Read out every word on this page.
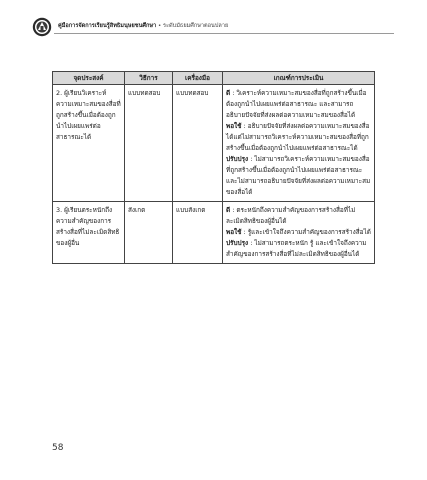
คู่มือการจัดการเรียนรู้สิทธิมนุษยชนศึกษา • ระดับมัธยมศึกษาตอนปลาย
จุดประสงค์	วิธีการ	เครื่องมือ	เกณฑ์การประเมิน
2. ผู้เรียนวิเคราะห์ความเหมาะสมของสื่อที่ถูกสร้างขึ้นเมื่อต้องถูกนำไปเผยแพร่ต่อสาธารณะได้	แบบทดสอบ	แบบทดสอบ	ดี : วิเคราะห์ความเหมาะสมของสื่อที่ถูกสร้างขึ้นเมื่อต้องถูกนำไปเผยแพร่ต่อสาธารณะ และสามารถอธิบายปัจจัยที่ส่งผลต่อความเหมาะสมของสื่อได้
พอใช้ : อธิบายปัจจัยที่ส่งผลต่อความเหมาะสมของสื่อได้แต่ไม่สามารถวิเคราะห์ความเหมาะสมของสื่อที่ถูกสร้างขึ้นเมื่อต้องถูกนำไปเผยแพร่ต่อสาธารณะได้
ปรับปรุง : ไม่สามารถวิเคราะห์ความเหมาะสมของสื่อที่ถูกสร้างขึ้นเมื่อต้องถูกนำไปเผยแพร่ต่อสาธารณะและไม่สามารถอธิบายปัจจัยที่ส่งผลต่อความเหมาะสมของสื่อได้

3. ผู้เรียนตระหนักถึงความสำคัญของการสร้างสื่อที่ไม่ละเมิดสิทธิของผู้อื่น	สังเกต	แบบสังเกต	ดี : ตระหนักถึงความสำคัญของการสร้างสื่อที่ไม่ละเมิดสิทธิของผู้อื่นได้
พอใช้ : รู้และเข้าใจถึงความสำคัญของการสร้างสื่อได้
ปรับปรุง : ไม่สามารถตระหนัก รู้ และเข้าใจถึงความสำคัญของการสร้างสื่อที่ไม่ละเมิดสิทธิของผู้อื่นได้
58
